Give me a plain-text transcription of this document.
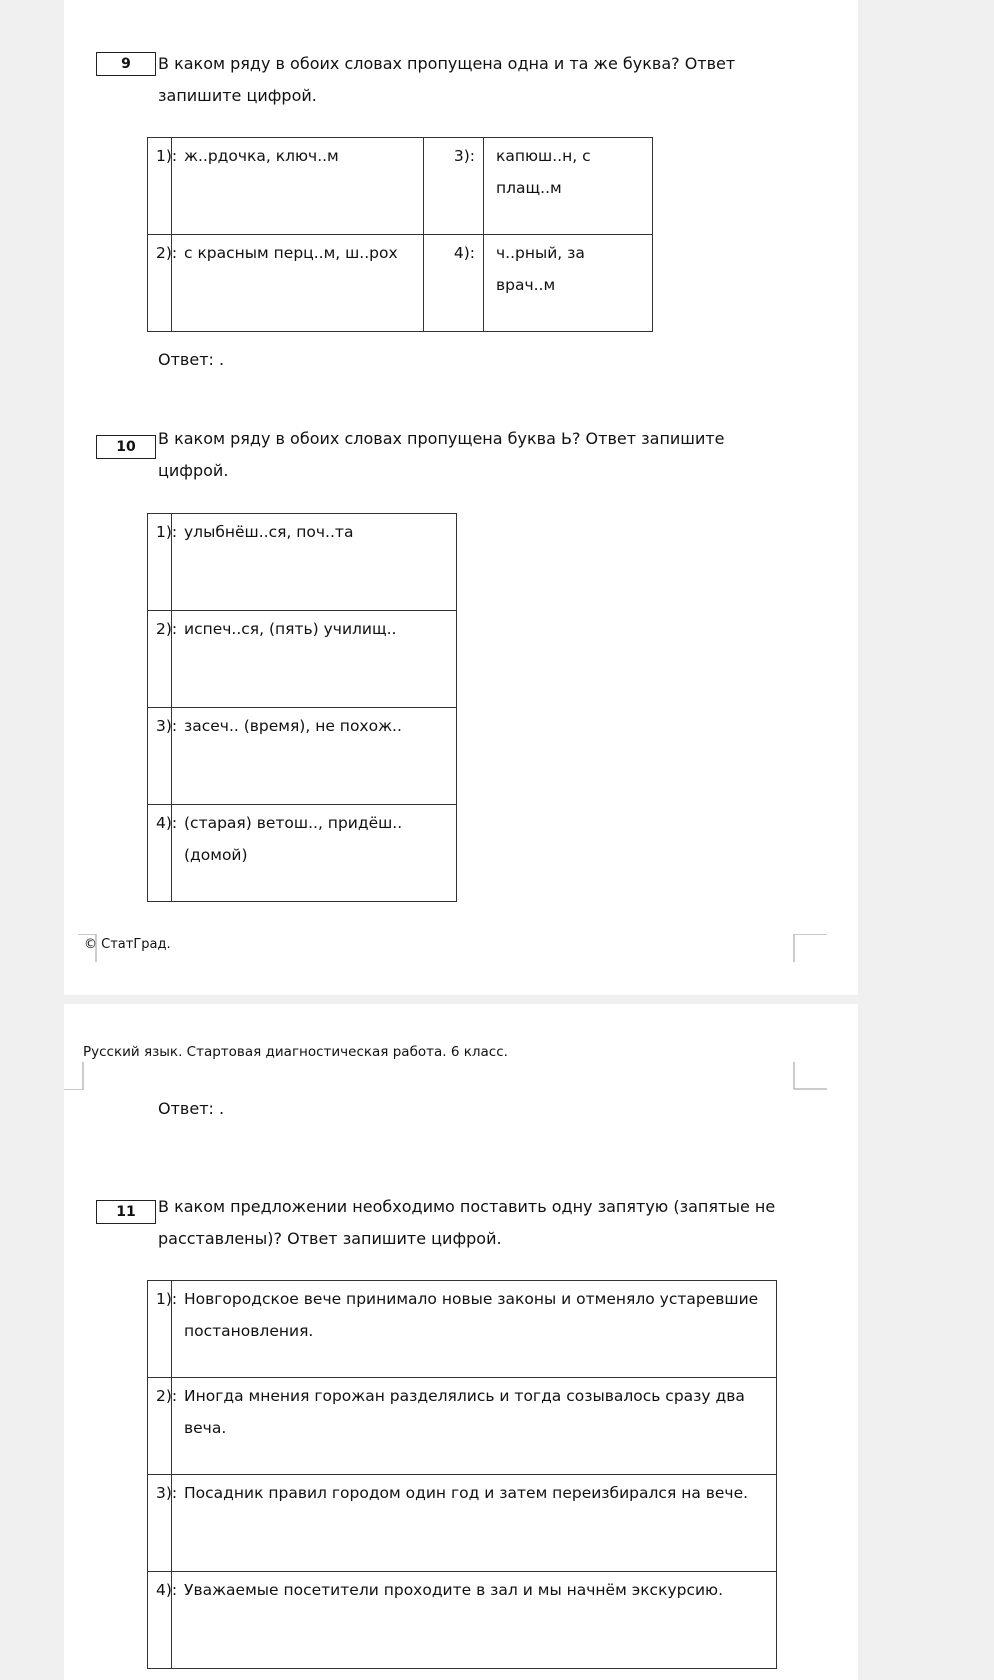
9 В каком ряду в обоих словах пропущена одна и та же буква? Ответ запишите цифрой.
1):	ж..рдочка, ключ..м	3):	капюш..н, с плащ..м

2):	с красным перц..м, ш..рох	4):	ч..рный, за врач..м
Ответ: .
10 В каком ряду в обоих словах пропущена буква Ь? Ответ запишите цифрой.
1):	улыбнёш..ся, поч..та

2):	испеч..ся, (пять) училищ..

3):	засеч.. (время), не похож..

4):	(старая) ветош.., придёш.. (домой)
© СтатГрад.
Русский язык. Стартовая диагностическая работа. 6 класс.
Ответ: .
11 В каком предложении необходимо поставить одну запятую (запятые не расставлены)? Ответ запишите цифрой.
1):	Новгородское вече принимало новые законы и отменяло устаревшие постановления.

2):	Иногда мнения горожан разделялись и тогда созывалось сразу два веча.

3):	Посадник правил городом один год и затем переизбирался на вече.

4):	Уважаемые посетители проходите в зал и мы начнём экскурсию.
